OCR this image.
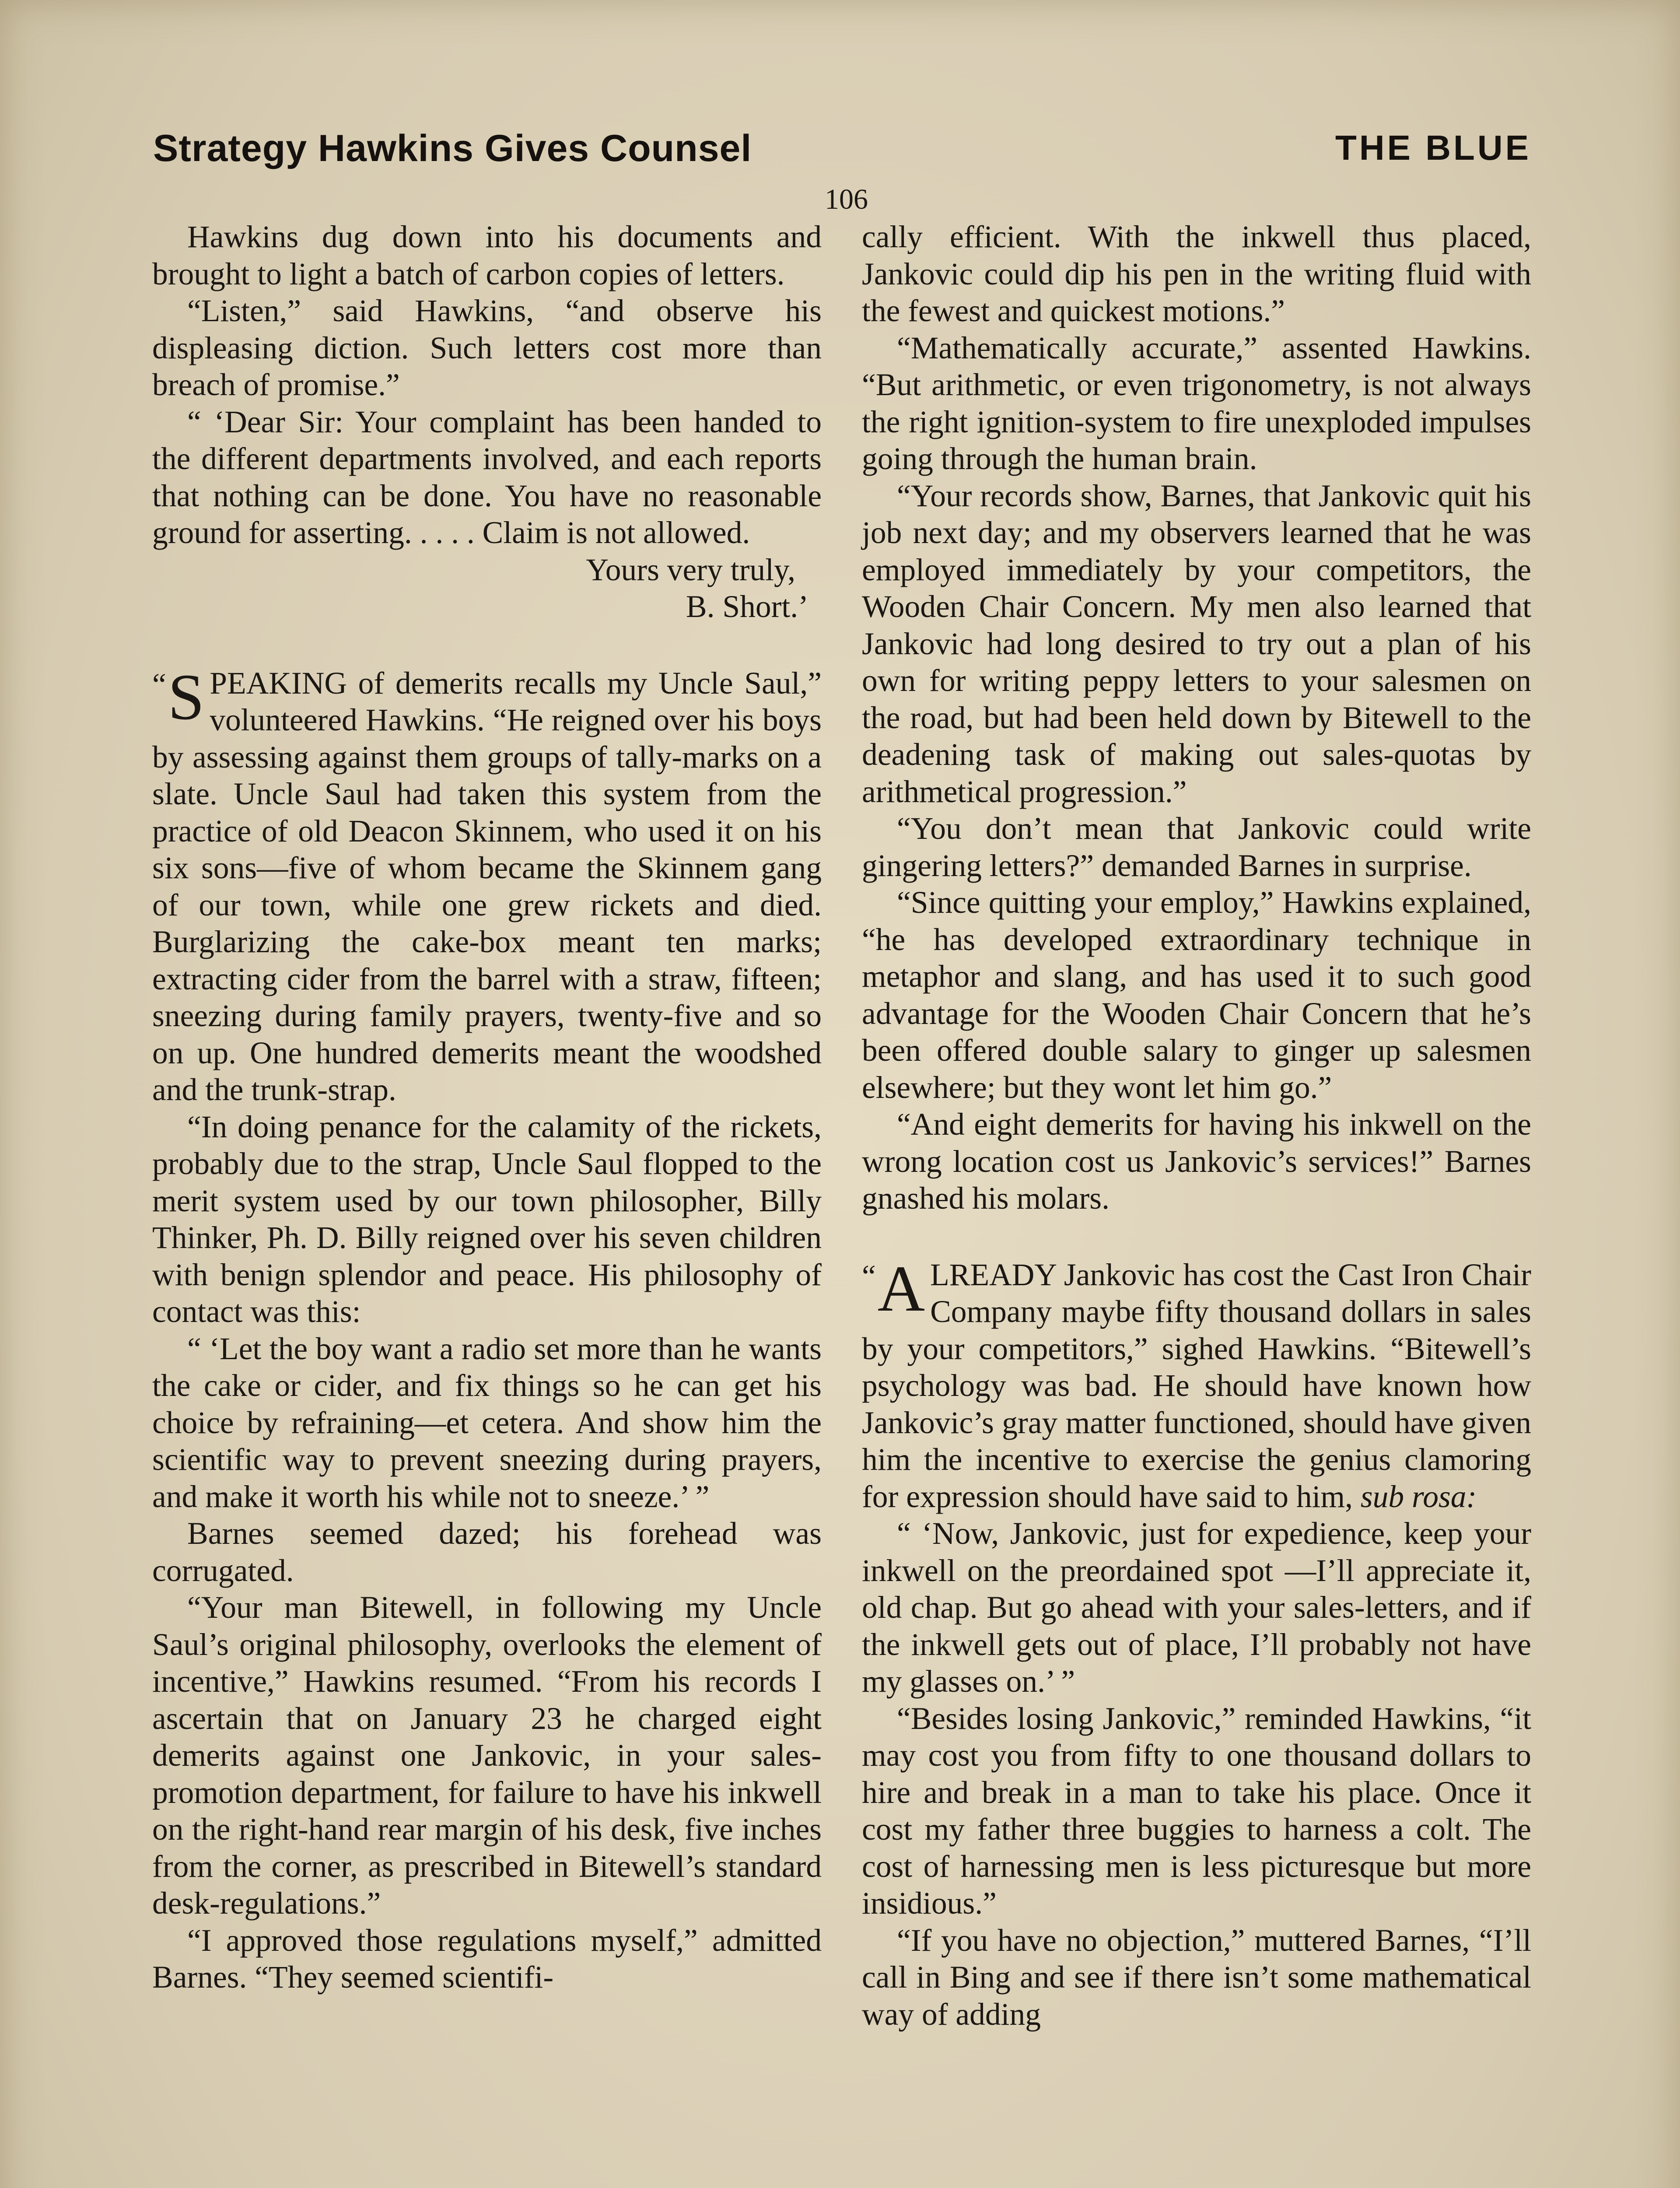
Strategy Hawkins Gives Counsel	THE BLUE
106

Hawkins dug down into his documents and brought to light a batch of carbon copies of letters.

“Listen,” said Hawkins, “and observe his displeasing diction. Such letters cost more than breach of promise.”

“ ‘Dear Sir: Your complaint has been handed to the different departments involved, and each reports that nothing can be done. You have no reasonable ground for asserting. . . . . Claim is not allowed.

Yours very truly,

B. Short.’

“ S PEAKING of demerits recalls my Uncle Saul,” volunteered Hawkins. “He reigned over his boys by assessing against them groups of tally-marks on a slate. Uncle Saul had taken this system from the practice of old Deacon Skinnem, who used it on his six sons—five of whom became the Skinnem gang of our town, while one grew rickets and died. Burglarizing the cake-box meant ten marks; extracting cider from the barrel with a straw, fifteen; sneezing during family prayers, twenty-five and so on up. One hundred demerits meant the woodshed and the trunk-strap.

“In doing penance for the calamity of the rickets, probably due to the strap, Uncle Saul flopped to the merit system used by our town philosopher, Billy Thinker, Ph. D. Billy reigned over his seven children with benign splendor and peace. His philosophy of contact was this:

“ ‘Let the boy want a radio set more than he wants the cake or cider, and fix things so he can get his choice by refraining—et cetera. And show him the scientific way to prevent sneezing during prayers, and make it worth his while not to sneeze.’ ”

Barnes seemed dazed; his forehead was corrugated.

“Your man Bitewell, in following my Uncle Saul’s original philosophy, overlooks the element of incentive,” Hawkins resumed. “From his records I ascertain that on January 23 he charged eight demerits against one Jankovic, in your sales-promotion department, for failure to have his inkwell on the right-hand rear margin of his desk, five inches from the corner, as prescribed in Bitewell’s standard desk-regulations.”

“I approved those regulations myself,” admitted Barnes. “They seemed scientifi-

cally efficient. With the inkwell thus placed, Jankovic could dip his pen in the writing fluid with the fewest and quickest motions.”

“Mathematically accurate,” assented Hawkins. “But arithmetic, or even trigonometry, is not always the right ignition-system to fire unexploded impulses going through the human brain.

“Your records show, Barnes, that Jankovic quit his job next day; and my observers learned that he was employed immediately by your competitors, the Wooden Chair Concern. My men also learned that Jankovic had long desired to try out a plan of his own for writing peppy letters to your salesmen on the road, but had been held down by Bitewell to the deadening task of making out sales-quotas by arithmetical progression.”

“You don’t mean that Jankovic could write gingering letters?” demanded Barnes in surprise.

“Since quitting your employ,” Hawkins explained, “he has developed extraordinary technique in metaphor and slang, and has used it to such good advantage for the Wooden Chair Concern that he’s been offered double salary to ginger up salesmen elsewhere; but they wont let him go.”

“And eight demerits for having his inkwell on the wrong location cost us Jankovic’s services!” Barnes gnashed his molars.

“ A LREADY Jankovic has cost the Cast Iron Chair Company maybe fifty thousand dollars in sales by your competitors,” sighed Hawkins. “Bitewell’s psychology was bad. He should have known how Jankovic’s gray matter functioned, should have given him the incentive to exercise the genius clamoring for expression should have said to him, sub rosa:

“ ‘Now, Jankovic, just for expedience, keep your inkwell on the preordained spot —I’ll appreciate it, old chap. But go ahead with your sales-letters, and if the inkwell gets out of place, I’ll probably not have my glasses on.’ ”

“Besides losing Jankovic,” reminded Hawkins, “it may cost you from fifty to one thousand dollars to hire and break in a man to take his place. Once it cost my father three buggies to harness a colt. The cost of harnessing men is less picturesque but more insidious.”

“If you have no objection,” muttered Barnes, “I’ll call in Bing and see if there isn’t some mathematical way of adding
